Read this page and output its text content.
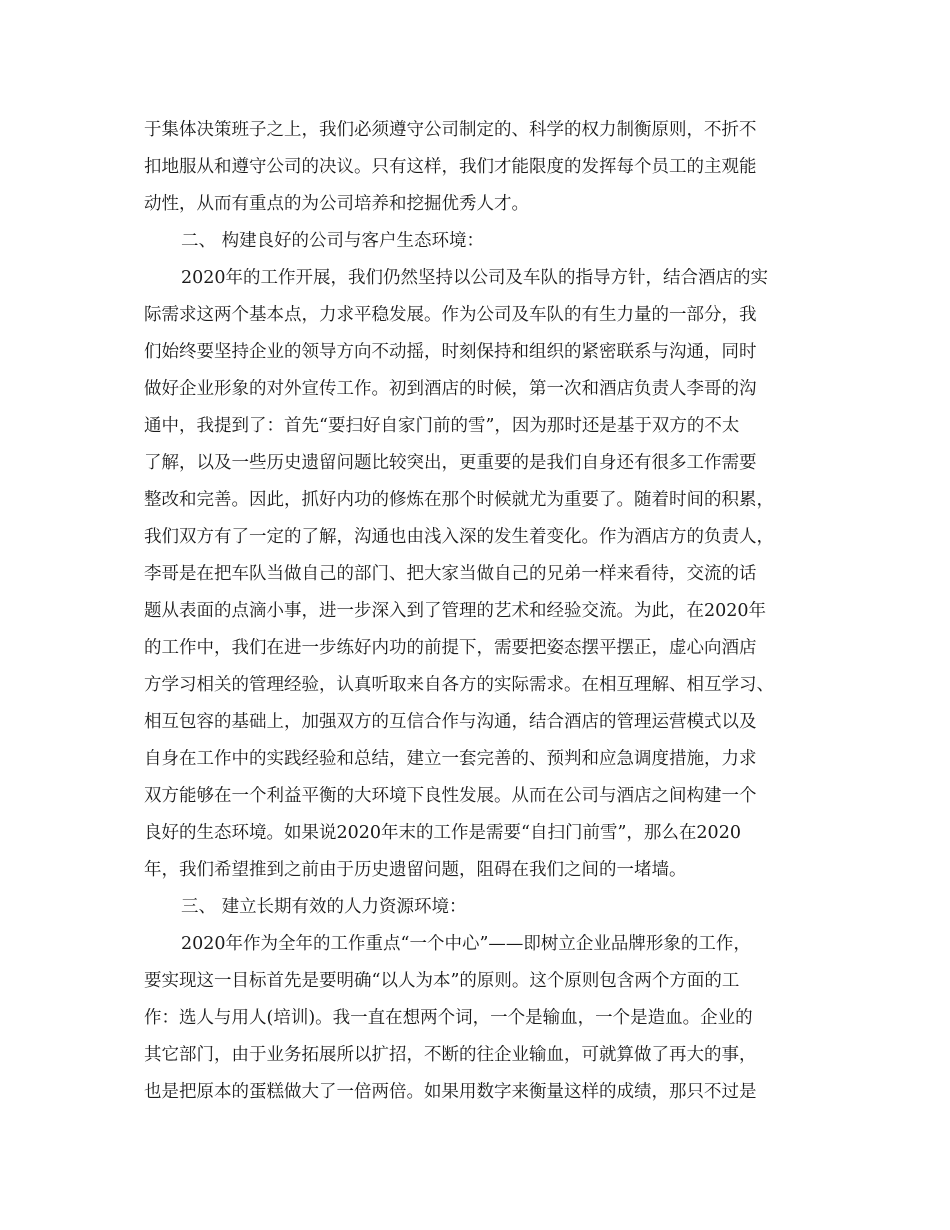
于集体决策班子之上，我们必须遵守公司制定的、科学的权力制衡原则，不折不
扣地服从和遵守公司的决议。只有这样，我们才能限度的发挥每个员工的主观能
动性，从而有重点的为公司培养和挖掘优秀人才。
二、 构建良好的公司与客户生态环境：
2020年的工作开展，我们仍然坚持以公司及车队的指导方针，结合酒店的实
际需求这两个基本点，力求平稳发展。作为公司及车队的有生力量的一部分，我
们始终要坚持企业的领导方向不动摇，时刻保持和组织的紧密联系与沟通，同时
做好企业形象的对外宣传工作。初到酒店的时候，第一次和酒店负责人李哥的沟
通中，我提到了：首先“要扫好自家门前的雪”，因为那时还是基于双方的不太
了解，以及一些历史遗留问题比较突出，更重要的是我们自身还有很多工作需要
整改和完善。因此，抓好内功的修炼在那个时候就尤为重要了。随着时间的积累，
我们双方有了一定的了解，沟通也由浅入深的发生着变化。作为酒店方的负责人，
李哥是在把车队当做自己的部门、把大家当做自己的兄弟一样来看待，交流的话
题从表面的点滴小事，进一步深入到了管理的艺术和经验交流。为此，在2020年
的工作中，我们在进一步练好内功的前提下，需要把姿态摆平摆正，虚心向酒店
方学习相关的管理经验，认真听取来自各方的实际需求。在相互理解、相互学习、
相互包容的基础上，加强双方的互信合作与沟通，结合酒店的管理运营模式以及
自身在工作中的实践经验和总结，建立一套完善的、预判和应急调度措施，力求
双方能够在一个利益平衡的大环境下良性发展。从而在公司与酒店之间构建一个
良好的生态环境。如果说2020年末的工作是需要“自扫门前雪”，那么在2020
年，我们希望推到之前由于历史遗留问题，阻碍在我们之间的一堵墙。
三、 建立长期有效的人力资源环境：
2020年作为全年的工作重点“一个中心”——即树立企业品牌形象的工作，
要实现这一目标首先是要明确“以人为本”的原则。这个原则包含两个方面的工
作：选人与用人(培训)。我一直在想两个词，一个是输血，一个是造血。企业的
其它部门，由于业务拓展所以扩招，不断的往企业输血，可就算做了再大的事，
也是把原本的蛋糕做大了一倍两倍。如果用数字来衡量这样的成绩，那只不过是
